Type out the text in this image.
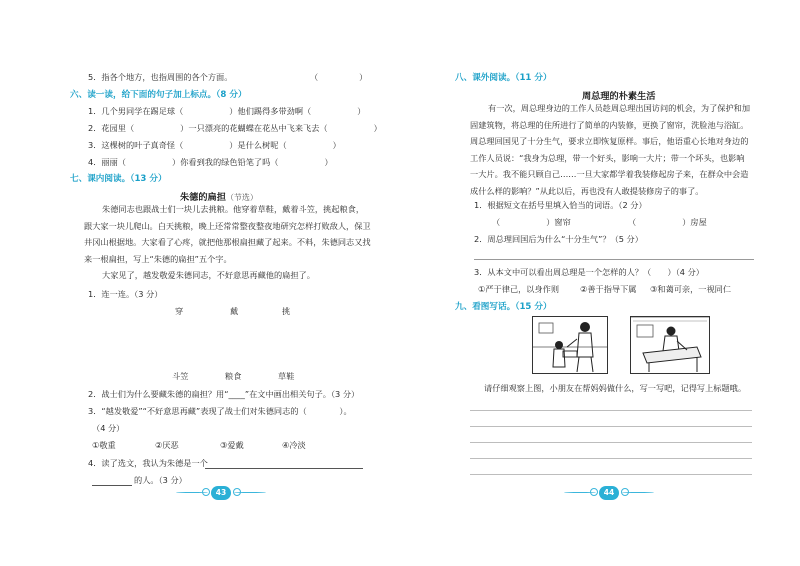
5．指各个地方，也指周围的各个方面。	（　　　　　）
六、读一读，给下面的句子加上标点。（8 分）
1．几个男同学在踢足球（	）他们踢得多带劲啊（	）
2．花园里（	）一只漂亮的花蝴蝶在花丛中飞来飞去（	）
3．这棵树的叶子真奇怪（	）是什么树呢（	）
4．丽丽（	）你看到我的绿色铅笔了吗（	）
七、课内阅读。（13 分）
朱德的扁担（节选）
朱德同志也跟战士们一块儿去挑粮。他穿着草鞋，戴着斗笠，挑起粮食，跟大家一块儿爬山。白天挑粮，晚上还常常整夜整夜地研究怎样打败敌人，保卫井冈山根据地。大家看了心疼，就把他那根扁担藏了起来。不料，朱德同志又找来一根扁担，写上“朱德的扁担”五个字。
大家见了，越发敬爱朱德同志，不好意思再藏他的扁担了。
1．连一连。（3 分）
穿	戴	挑
斗笠	粮食	草鞋
2．战士们为什么要藏朱德的扁担？用“____”在文中画出相关句子。（3 分）
3．“越发敬爱”“不好意思再藏”表现了战士们对朱德同志的（　　　　）。
（4 分）
①敬重	②厌恶	③爱戴	④冷淡
4．读了选文，我认为朱德是一个
的人。（3 分）
43
八、课外阅读。（11 分）
周总理的朴素生活
有一次，周总理身边的工作人员趁周总理出国访问的机会，为了保护和加固建筑物，将总理的住所进行了简单的内装修，更换了窗帘，洗脸池与浴缸。周总理回国见了十分生气，要求立即恢复原样。事后，他语重心长地对身边的工作人员说：“我身为总理，带一个好头，影响一大片；带一个坏头，也影响一大片。我不能只顾自己……一旦大家都学着我装修起房子来，在群众中会造成什么样的影响？”从此以后，再也没有人敢提装修房子的事了。
1．根据短文在括号里填入恰当的词语。（2 分）
（	）窗帘	（	）房屋
2．周总理回国后为什么“十分生气”？（5 分）
3．从本文中可以看出周总理是一个怎样的人？（　　）（4 分）
①严于律己，以身作则	②善于指导下属 ③和蔼可亲，一视同仁
九、看图写话。（15 分）
请仔细观察上图，小朋友在帮妈妈做什么，写一写吧，记得写上标题哦。
44
